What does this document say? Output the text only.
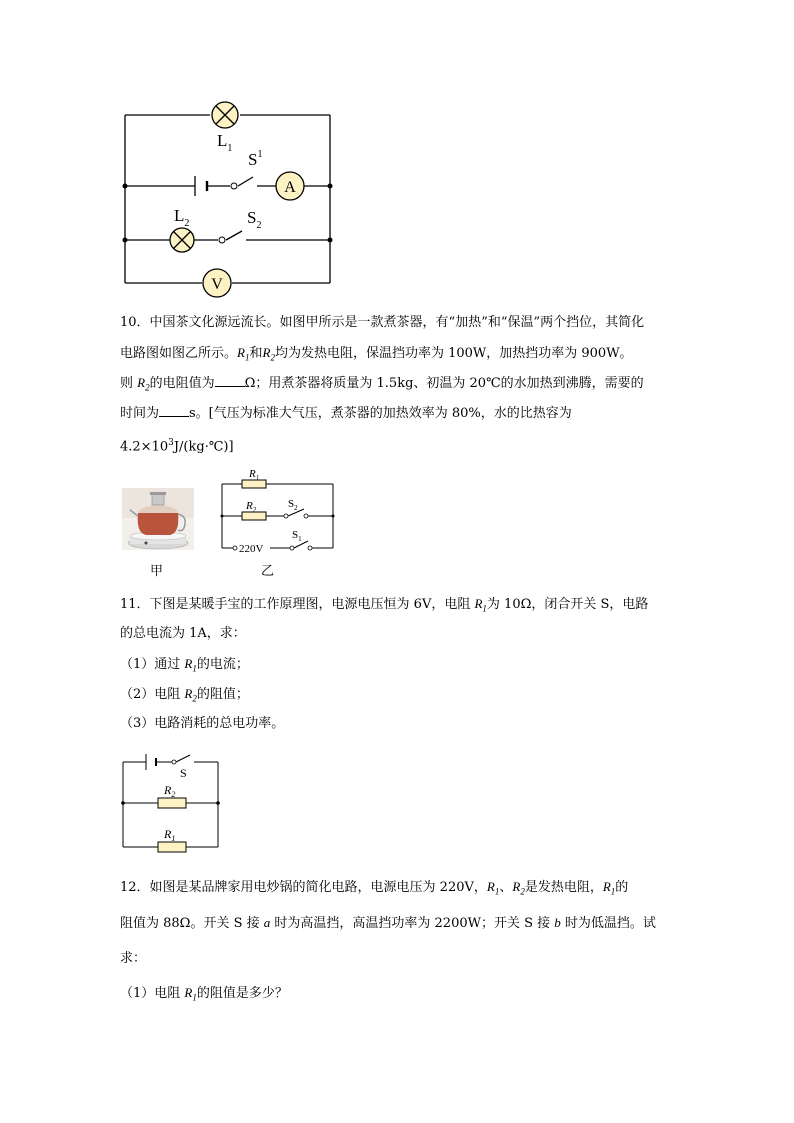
A
V
$L_1$
$S^1$
$L_2$	$S_2$
10．中国茶文化源远流长。如图甲所示是一款煮茶器，有“加热”和“保温”两个挡位，其简化
电路图如图乙所示。$R_1$和$R_2$均为发热电阻，保温挡功率为 100W，加热挡功率为 900W。
则 $R_2$的电阻值为 Ω；用煮茶器将质量为 1.5kg、初温为 20℃的水加热到沸腾，需要的
时间为 s。[气压为标准大气压，煮茶器的加热效率为 80%，水的比热容为
$4.2\times 10^3J/(kg\cdot℃)$]
甲
$R_1$
$R_2$	$S_2$
$S_1$
220V
乙
11．下图是某暖手宝的工作原理图，电源电压恒为 6V，电阻 $R_1$为 10Ω，闭合开关 S，电路
的总电流为 1A，求：
（1）通过 $R_1$的电流；
（2）电阻 $R_2$的阻值；
（3）电路消耗的总电功率。
S
$R_2$
$R_1$
12．如图是某品牌家用电炒锅的简化电路，电源电压为 220V，$R_1$、$R_2$是发热电阻，$R_1$的
阻值为 88Ω。开关 S 接 a 时为高温挡，高温挡功率为 2200W；开关 S 接 b 时为低温挡。试
求：
（1）电阻 $R_1$的阻值是多少？
